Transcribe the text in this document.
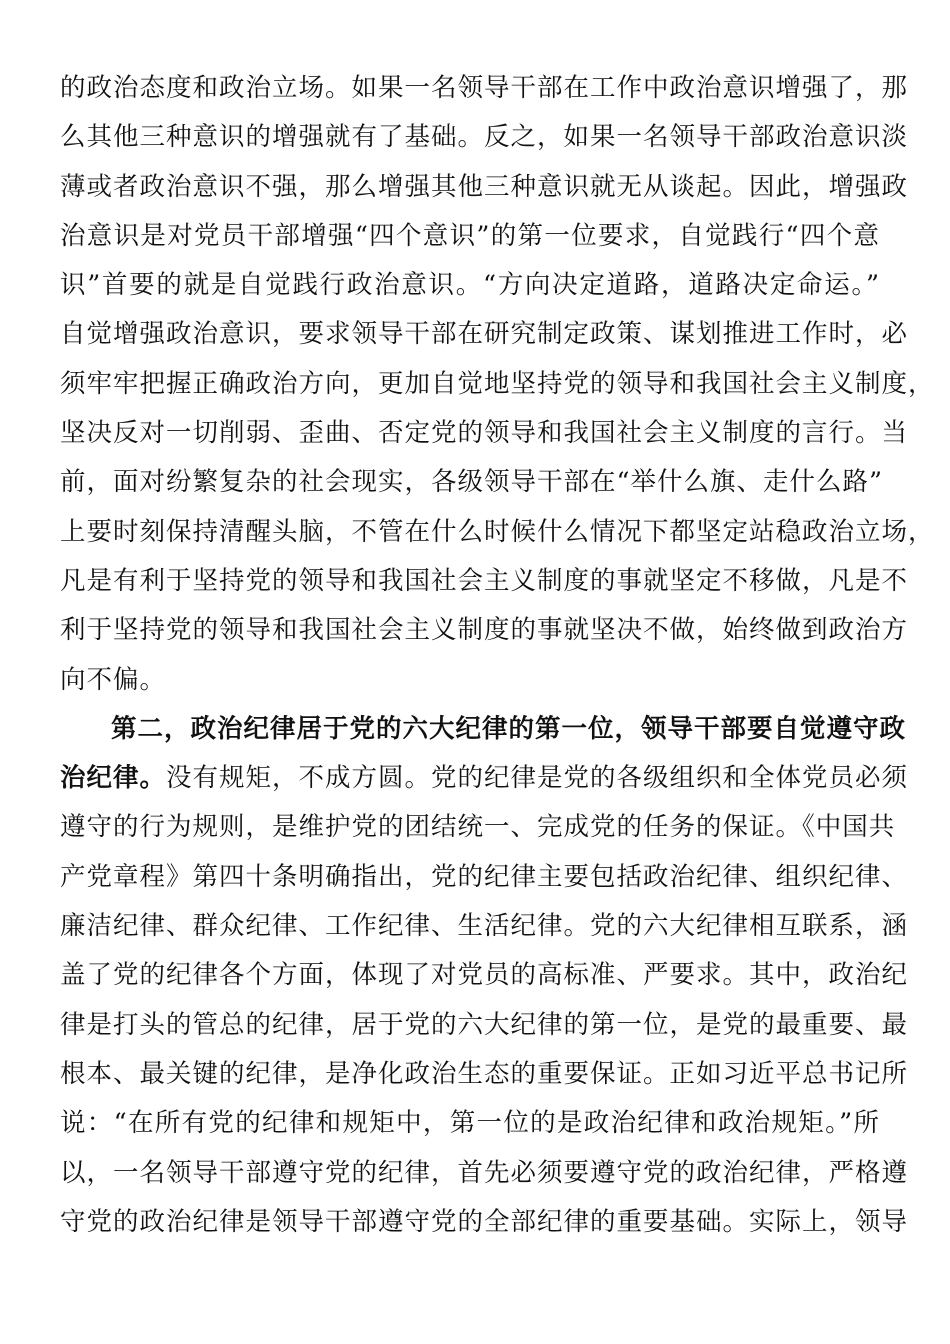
的政治态度和政治立场。如果一名领导干部在工作中政治意识增强了，那
么其他三种意识的增强就有了基础。反之，如果一名领导干部政治意识淡
薄或者政治意识不强，那么增强其他三种意识就无从谈起。因此，增强政
治意识是对党员干部增强“四个意识”的第一位要求，自觉践行“四个意
识”首要的就是自觉践行政治意识。“方向决定道路，道路决定命运。”
自觉增强政治意识，要求领导干部在研究制定政策、谋划推进工作时，必
须牢牢把握正确政治方向，更加自觉地坚持党的领导和我国社会主义制度，
坚决反对一切削弱、歪曲、否定党的领导和我国社会主义制度的言行。当
前，面对纷繁复杂的社会现实，各级领导干部在“举什么旗、走什么路”
上要时刻保持清醒头脑，不管在什么时候什么情况下都坚定站稳政治立场，
凡是有利于坚持党的领导和我国社会主义制度的事就坚定不移做，凡是不
利于坚持党的领导和我国社会主义制度的事就坚决不做，始终做到政治方
向不偏。
第二，政治纪律居于党的六大纪律的第一位，领导干部要自觉遵守政
治纪律。没有规矩，不成方圆。党的纪律是党的各级组织和全体党员必须
遵守的行为规则，是维护党的团结统一、完成党的任务的保证。《中国共
产党章程》第四十条明确指出，党的纪律主要包括政治纪律、组织纪律、
廉洁纪律、群众纪律、工作纪律、生活纪律。党的六大纪律相互联系，涵
盖了党的纪律各个方面，体现了对党员的高标准、严要求。其中，政治纪
律是打头的管总的纪律，居于党的六大纪律的第一位，是党的最重要、最
根本、最关键的纪律，是净化政治生态的重要保证。正如习近平总书记所
说：“在所有党的纪律和规矩中，第一位的是政治纪律和政治规矩。”所
以，一名领导干部遵守党的纪律，首先必须要遵守党的政治纪律，严格遵
守党的政治纪律是领导干部遵守党的全部纪律的重要基础。实际上，领导
